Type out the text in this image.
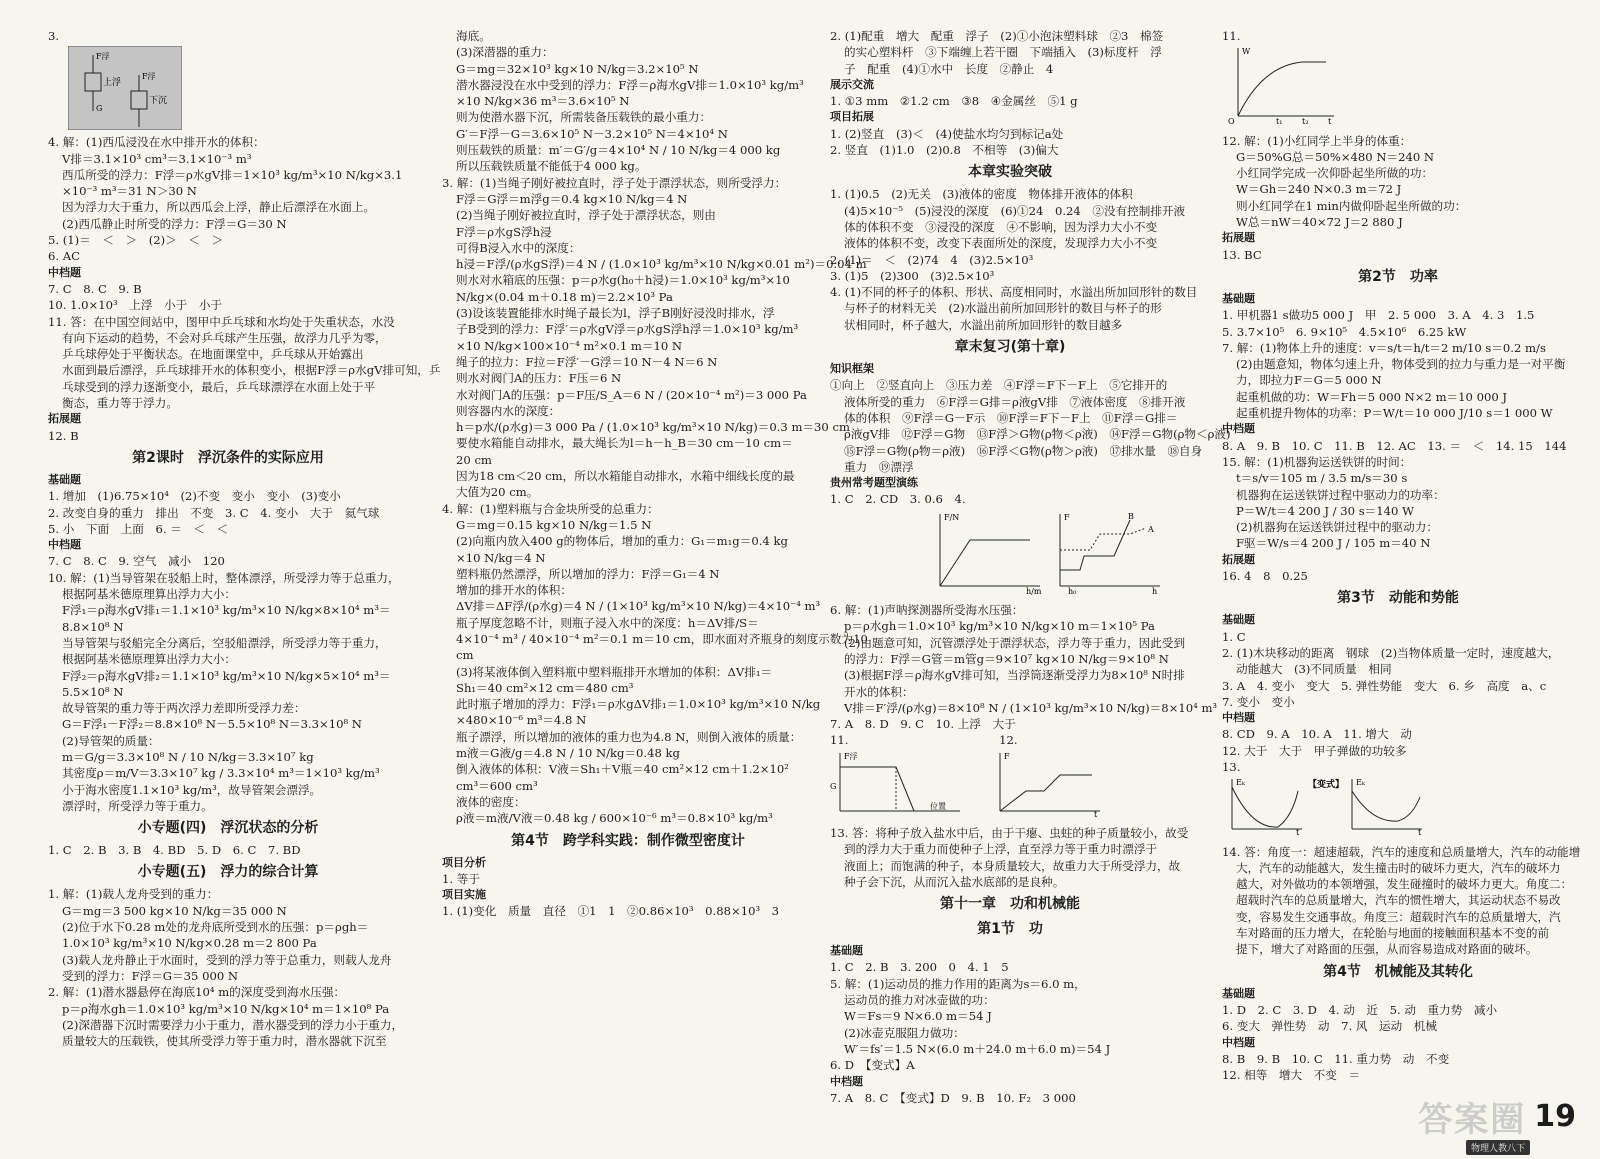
3.

F浮
G
上浮
F浮
下沉

4. 解：(1)西瓜浸没在水中排开水的体积：

V排＝3.1×10³ cm³＝3.1×10⁻³ m³

西瓜所受的浮力：F浮＝ρ水gV排＝1×10³ kg/m³×10 N/kg×3.1

×10⁻³ m³＝31 N＞30 N

因为浮力大于重力，所以西瓜会上浮，静止后漂浮在水面上。

(2)西瓜静止时所受的浮力：F浮＝G＝30 N

5. (1)＝　＜　＞　(2)＞　＜　＞

6. AC

中档题

7. C　8. C　9. B

10. 1.0×10³　上浮　小于　小于

11. 答：在中国空间站中，图甲中乒乓球和水均处于失重状态，水没

有向下运动的趋势，不会对乒乓球产生压强，故浮力几乎为零，

乒乓球停处于平衡状态。在地面课堂中，乒乓球从开始露出

水面到最后漂浮，乒乓球排开水的体积变小，根据F浮＝ρ水gV排可知，乒

乓球受到的浮力逐渐变小，最后，乒乓球漂浮在水面上处于平

衡态，重力等于浮力。

拓展题

12. B

第2课时　浮沉条件的实际应用

基础题

1. 增加　(1)6.75×10⁴　(2)不变　变小　变小　(3)变小

2. 改变自身的重力　排出　不变　3. C　4. 变小　大于　氦气球

5. 小　下面　上面　6. ＝　＜　＜

中档题

7. C　8. C　9. 空气　减小　120

10. 解：(1)当导管架在驳船上时，整体漂浮，所受浮力等于总重力，

根据阿基米德原理算出浮力大小：

F浮₁＝ρ海水gV排₁＝1.1×10³ kg/m³×10 N/kg×8×10⁴ m³＝

8.8×10⁸ N

当导管架与驳船完全分离后，空驳船漂浮，所受浮力等于重力，

根据阿基米德原理算出浮力大小：

F浮₂＝ρ海水gV排₂＝1.1×10³ kg/m³×10 N/kg×5×10⁴ m³＝

5.5×10⁸ N

故导管架的重力等于两次浮力差即所受浮力差：

G＝F浮₁－F浮₂＝8.8×10⁸ N－5.5×10⁸ N＝3.3×10⁸ N

(2)导管架的质量：

m＝G/g＝3.3×10⁸ N / 10 N/kg＝3.3×10⁷ kg

其密度ρ＝m/V＝3.3×10⁷ kg / 3.3×10⁴ m³＝1×10³ kg/m³

小于海水密度1.1×10³ kg/m³，故导管架会漂浮。

漂浮时，所受浮力等于重力。

小专题(四)　浮沉状态的分析

1. C　2. B　3. B　4. BD　5. D　6. C　7. BD

小专题(五)　浮力的综合计算

1. 解：(1)载人龙舟受到的重力：

G＝mg＝3 500 kg×10 N/kg＝35 000 N

(2)位于水下0.28 m处的龙舟底所受到水的压强：p＝ρgh＝

1.0×10³ kg/m³×10 N/kg×0.28 m＝2 800 Pa

(3)载人龙舟静止于水面时，受到的浮力等于总重力，则载人龙舟

受到的浮力：F浮＝G＝35 000 N

2. 解：(1)潜水器悬停在海底10⁴ m的深度受到海水压强：

p＝ρ海水gh＝1.0×10³ kg/m³×10 N/kg×10⁴ m＝1×10⁸ Pa

(2)深潜器下沉时需要浮力小于重力，潜水器受到的浮力小于重力，

质量较大的压载铁，使其所受浮力等于重力时，潜水器就下沉至

海底。

(3)深潜器的重力：

G＝mg＝32×10³ kg×10 N/kg＝3.2×10⁵ N

潜水器浸没在水中受到的浮力：F浮＝ρ海水gV排＝1.0×10³ kg/m³

×10 N/kg×36 m³＝3.6×10⁵ N

则为使潜水器下沉，所需装备压载铁的最小重力：

G′＝F浮－G＝3.6×10⁵ N－3.2×10⁵ N＝4×10⁴ N

则压载铁的质量：m′＝G′/g＝4×10⁴ N / 10 N/kg＝4 000 kg

所以压载铁质量不能低于4 000 kg。

3. 解：(1)当绳子刚好被拉直时，浮子处于漂浮状态，则所受浮力：

F浮＝G浮＝m浮g＝0.4 kg×10 N/kg＝4 N

(2)当绳子刚好被拉直时，浮子处于漂浮状态，则由

F浮＝ρ水gS浮h浸

可得B浸入水中的深度：

h浸＝F浮/(ρ水gS浮)＝4 N / (1.0×10³ kg/m³×10 N/kg×0.01 m²)＝0.04 m

则水对水箱底的压强：p＝ρ水g(h₀＋h浸)＝1.0×10³ kg/m³×10

N/kg×(0.04 m＋0.18 m)＝2.2×10³ Pa

(3)设该装置能排水时绳子最长为l，浮子B刚好浸没时排水，浮

子B受到的浮力：F浮′＝ρ水gV浮＝ρ水gS浮h浮＝1.0×10³ kg/m³

×10 N/kg×100×10⁻⁴ m²×0.1 m＝10 N

绳子的拉力：F拉＝F浮′－G浮＝10 N－4 N＝6 N

则水对阀门A的压力：F压＝6 N

水对阀门A的压强：p＝F压/S_A＝6 N / (20×10⁻⁴ m²)＝3 000 Pa

则容器内水的深度：

h＝p水/(ρ水g)＝3 000 Pa / (1.0×10³ kg/m³×10 N/kg)＝0.3 m＝30 cm

要使水箱能自动排水，最大绳长为l＝h－h_B＝30 cm－10 cm＝

20 cm

因为18 cm＜20 cm，所以水箱能自动排水，水箱中细线长度的最

大值为20 cm。

4. 解：(1)塑料瓶与合金块所受的总重力：

G＝mg＝0.15 kg×10 N/kg＝1.5 N

(2)向瓶内放入400 g的物体后，增加的重力：G₁＝m₁g＝0.4 kg

×10 N/kg＝4 N

塑料瓶仍然漂浮，所以增加的浮力：F浮＝G₁＝4 N

增加的排开水的体积：

ΔV排＝ΔF浮/(ρ水g)＝4 N / (1×10³ kg/m³×10 N/kg)＝4×10⁻⁴ m³

瓶子厚度忽略不计，则瓶子浸入水中的深度：h＝ΔV排/S＝

4×10⁻⁴ m³ / 40×10⁻⁴ m²＝0.1 m＝10 cm，即水面对齐瓶身的刻度示数为10

cm

(3)将某液体倒入塑料瓶中塑料瓶排开水增加的体积：ΔV排₁＝

Sh₁＝40 cm²×12 cm＝480 cm³

此时瓶子增加的浮力：F浮₁＝ρ水gΔV排₁＝1.0×10³ kg/m³×10 N/kg

×480×10⁻⁶ m³＝4.8 N

瓶子漂浮，所以增加的液体的重力也为4.8 N，则倒入液体的质量：

m液＝G液/g＝4.8 N / 10 N/kg＝0.48 kg

倒入液体的体积：V液＝Sh₁＋V瓶＝40 cm²×12 cm＋1.2×10²

cm³＝600 cm³

液体的密度：

ρ液＝m液/V液＝0.48 kg / 600×10⁻⁶ m³＝0.8×10³ kg/m³

第4节　跨学科实践：制作微型密度计

项目分析

1. 等于

项目实施

1. (1)变化　质量　直径　①1　1　②0.86×10³　0.88×10³　3

2. (1)配重　增大　配重　浮子　(2)①小泡沫塑料球　②3　棉签

的实心塑料杆　③下端缠上若干圈　下端插入　(3)标度杆　浮

子　配重　(4)①水中　长度　②静止　4

展示交流

1. ①3 mm　②1.2 cm　③8　④金属丝　⑤1 g

项目拓展

1. (2)竖直　(3)＜　(4)使盐水均匀到标记a处

2. 竖直　(1)1.0　(2)0.8　不相等　(3)偏大

本章实验突破

1. (1)0.5　(2)无关　(3)液体的密度　物体排开液体的体积

(4)5×10⁻⁵　(5)浸没的深度　(6)①24　0.24　②没有控制排开液

体的体积不变　③浸没的深度　④不影响，因为浮力大小不变

液体的体积不变，改变下表面所处的深度，发现浮力大小不变

2. (1)＝　＜　(2)74　4　(3)2.5×10³

3. (1)5　(2)300　(3)2.5×10³

4. (1)不同的杯子的体积、形状、高度相同时，水溢出所加回形针的数目

与杯子的材料无关　(2)水溢出前所加回形针的数目与杯子的形

状相同时，杯子越大，水溢出前所加回形针的数目越多

章末复习(第十章)

知识框架

①向上　②竖直向上　③压力差　④F浮＝F下－F上　⑤它排开的

液体所受的重力　⑥F浮＝G排＝ρ液gV排　⑦液体密度　⑧排开液

体的体积　⑨F浮＝G－F示　⑩F浮＝F下－F上　⑪F浮＝G排＝

ρ液gV排　⑫F浮＝G物　⑬F浮＞G物(ρ物＜ρ液)　⑭F浮＝G物(ρ物＜ρ液)

⑮F浮＝G物(ρ物＝ρ液)　⑯F浮＜G物(ρ物＞ρ液)　⑰排水量　⑱自身

重力　⑲漂浮

贵州常考题型演练

1. C　2. CD　3. 0.6　4.

F/N
h/m
F
h
B
A
h₀

6. 解：(1)声呐探测器所受海水压强：

p＝ρ水gh＝1.0×10³ kg/m³×10 N/kg×10 m＝1×10⁵ Pa

(2)由题意可知，沉管漂浮处于漂浮状态，浮力等于重力，因此受到

的浮力：F浮＝G管＝m管g＝9×10⁷ kg×10 N/kg＝9×10⁸ N

(3)根据F浮＝ρ海水gV排可知，当浮筒逐渐受浮力为8×10⁸ N时排

开水的体积：

V排＝F′浮/(ρ水g)＝8×10⁸ N / (1×10³ kg/m³×10 N/kg)＝8×10⁴ m³

7. A　8. D　9. C　10. 上浮　大于

11.　　　　　　　　　　　　　12.

F浮
G
位置
F
t

13. 答：将种子放入盐水中后，由于干瘪、虫蛀的种子质量较小，故受

到的浮力大于重力而使种子上浮，直至浮力等于重力时漂浮于

液面上；而饱满的种子，本身质量较大，故重力大于所受浮力，故

种子会下沉，从而沉入盐水底部的是良种。

第十一章　功和机械能

第1节　功

基础题

1. C　2. B　3. 200　0　4. 1　5

5. 解：(1)运动员的推力作用的距离为s＝6.0 m，

运动员的推力对冰壶做的功：

W＝Fs＝9 N×6.0 m＝54 J

(2)冰壶克服阻力做功：

W′＝fs′＝1.5 N×(6.0 m＋24.0 m＋6.0 m)＝54 J

6. D　【变式】A

中档题

7. A　8. C　【变式】D　9. B　10. F₂　3 000

11.

W
O	t₁ t₂ t

12. 解：(1)小红同学上半身的体重：

G＝50%G总＝50%×480 N＝240 N

小红同学完成一次仰卧起坐所做的功：

W＝Gh＝240 N×0.3 m＝72 J

则小红同学在1 min内做仰卧起坐所做的功：

W总＝nW＝40×72 J＝2 880 J

拓展题

13. BC

第2节　功率

基础题

1. 甲机器1 s做功5 000 J　甲　2. 5 000　3. A　4. 3　1.5

5. 3.7×10⁵　6. 9×10⁵　4.5×10⁶　6.25 kW

7. 解：(1)物体上升的速度：v＝s/t＝h/t＝2 m/10 s＝0.2 m/s

(2)由题意知，物体匀速上升，物体受到的拉力与重力是一对平衡

力，即拉力F＝G＝5 000 N

起重机做的功：W＝Fh＝5 000 N×2 m＝10 000 J

起重机提升物体的功率：P＝W/t＝10 000 J/10 s＝1 000 W

中档题

8. A　9. B　10. C　11. B　12. AC　13. ＝　＜　14. 15　144

15. 解：(1)机器狗运送铁饼的时间：

t＝s/v＝105 m / 3.5 m/s＝30 s

机器狗在运送铁饼过程中驱动力的功率：

P＝W/t＝4 200 J / 30 s＝140 W

(2)机器狗在运送铁饼过程中的驱动力：

F驱＝W/s＝4 200 J / 105 m＝40 N

拓展题

16. 4　8　0.25

第3节　动能和势能

基础题

1. C

2. (1)木块移动的距离　钢球　(2)当物体质量一定时，速度越大，

动能越大　(3)不同质量　相同

3. A　4. 变小　变大　5. 弹性势能　变大　6. 乡　高度　a、c

7. 变小　变小

中档题

8. CD　9. A　10. A　11. 增大　动

12. 大于　大于　甲子弹做的功较多

13.

Eₖ
t
【变式】 Eₖ
t

14. 答：角度一：超速超载，汽车的速度和总质量增大，汽车的动能增

大，汽车的动能越大，发生撞击时的破坏力更大，汽车的破坏力

越大，对外做功的本领增强，发生碰撞时的破坏力更大。角度二：

超载时汽车的总质量增大，汽车的惯性增大，其运动状态不易改

变，容易发生交通事故。角度三：超载时汽车的总质量增大，汽

车对路面的压力增大，在轮胎与地面的接触面积基本不变的前

提下，增大了对路面的压强，从而容易造成对路面的破坏。

第4节　机械能及其转化

基础题

1. D　2. C　3. D　4. 动　近　5. 动　重力势　减小

6. 变大　弹性势　动　7. 风　运动　机械

中档题

8. B　9. B　10. C　11. 重力势　动　不变

12. 相等　增大　不变　＝

答案圈 19
物理人教八下
